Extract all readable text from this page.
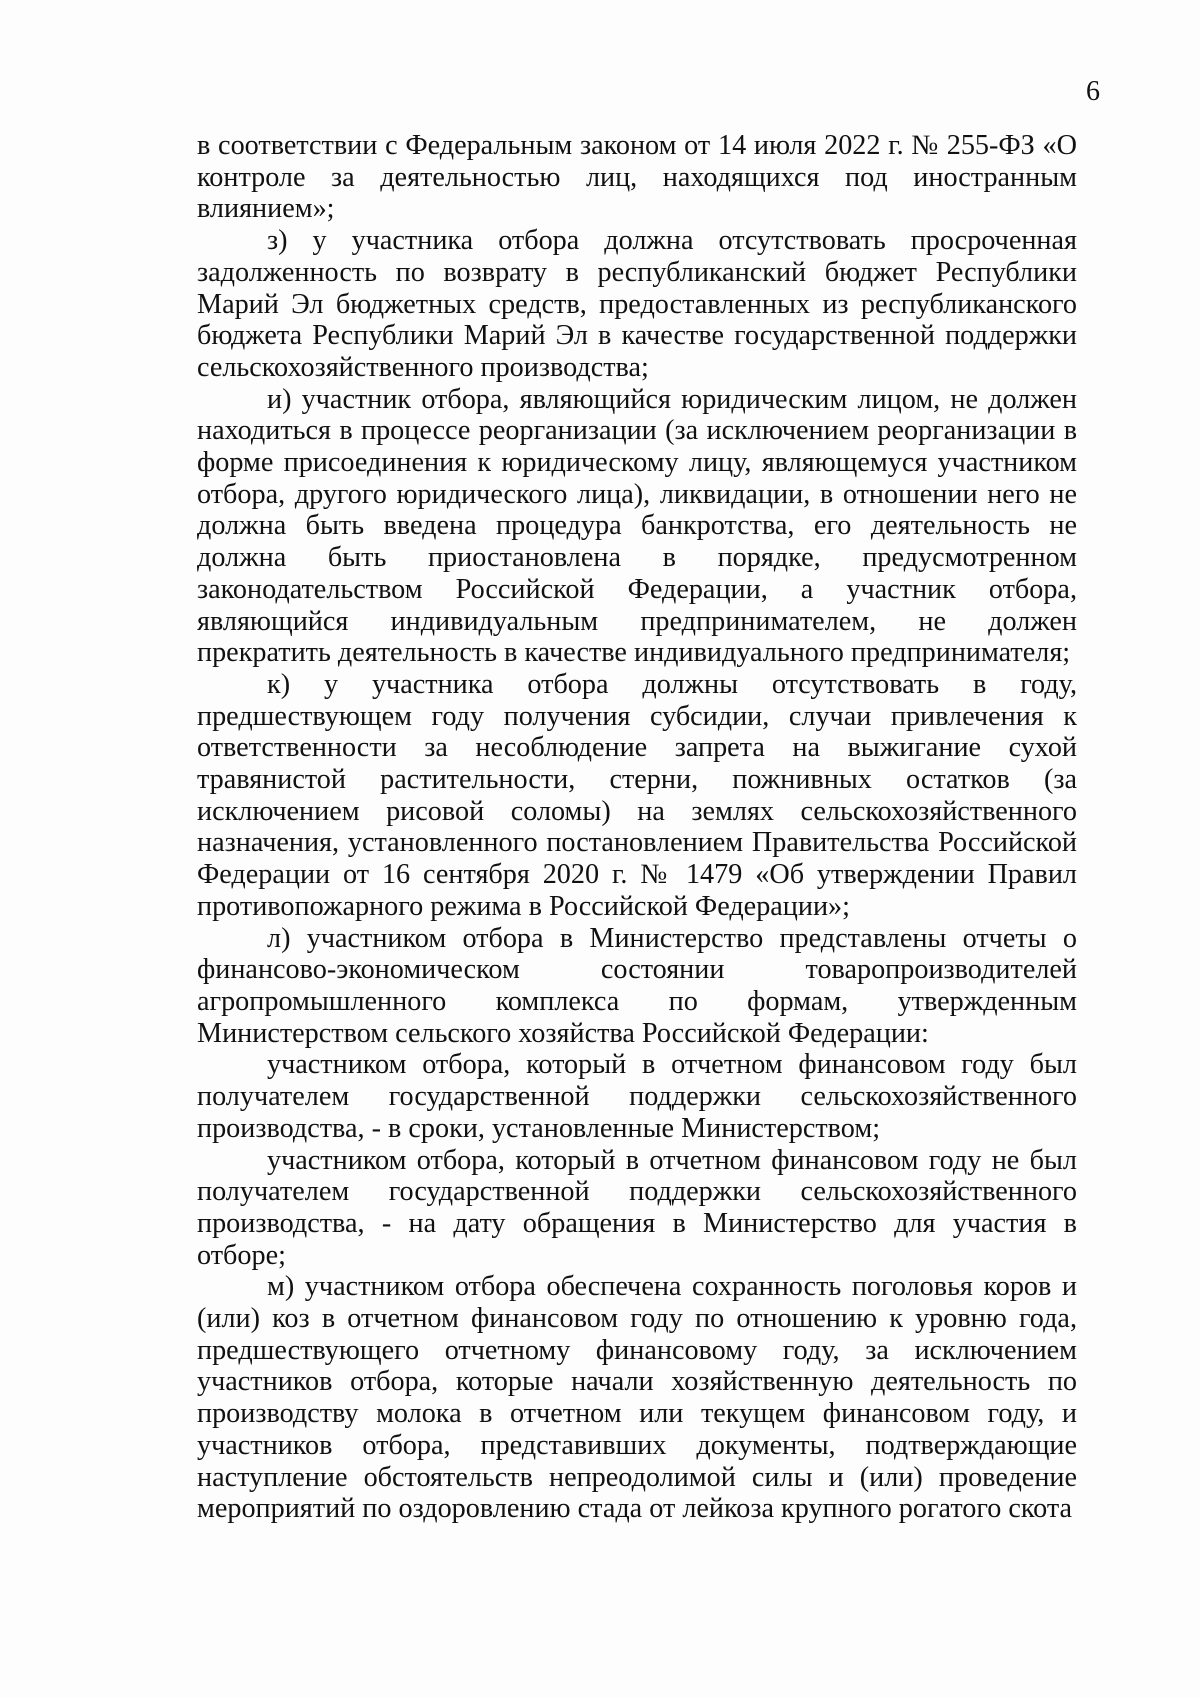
6

в соответствии с Федеральным законом от 14 июля 2022 г. № 255-ФЗ «О контроле за деятельностью лиц, находящихся под иностранным влиянием»;

з) у участника отбора должна отсутствовать просроченная задолженность по возврату в республиканский бюджет Республики Марий Эл бюджетных средств, предоставленных из республиканского бюджета Республики Марий Эл в качестве государственной поддержки сельскохозяйственного производства;

и) участник отбора, являющийся юридическим лицом, не должен находиться в процессе реорганизации (за исключением реорганизации в форме присоединения к юридическому лицу, являющемуся участником отбора, другого юридического лица), ликвидации, в отношении него не должна быть введена процедура банкротства, его деятельность не должна быть приостановлена в порядке, предусмотренном законодательством Российской Федерации, а участник отбора, являющийся индивидуальным предпринимателем, не должен прекратить деятельность в качестве индивидуального предпринимателя;

к) у участника отбора должны отсутствовать в году, предшествующем году получения субсидии, случаи привлечения к ответственности за несоблюдение запрета на выжигание сухой травянистой растительности, стерни, пожнивных остатков (за исключением рисовой соломы) на землях сельскохозяйственного назначения, установленного постановлением Правительства Российской Федерации от 16 сентября 2020 г. № 1479 «Об утверждении Правил противопожарного режима в Российской Федерации»;

л) участником отбора в Министерство представлены отчеты о финансово-экономическом состоянии товаропроизводителей агропромышленного комплекса по формам, утвержденным Министерством сельского хозяйства Российской Федерации:

участником отбора, который в отчетном финансовом году был получателем государственной поддержки сельскохозяйственного производства, - в сроки, установленные Министерством;

участником отбора, который в отчетном финансовом году не был получателем государственной поддержки сельскохозяйственного производства, - на дату обращения в Министерство для участия в отборе;

м) участником отбора обеспечена сохранность поголовья коров и (или) коз в отчетном финансовом году по отношению к уровню года, предшествующего отчетному финансовому году, за исключением участников отбора, которые начали хозяйственную деятельность по производству молока в отчетном или текущем финансовом году, и участников отбора, представивших документы, подтверждающие наступление обстоятельств непреодолимой силы и (или) проведение мероприятий по оздоровлению стада от лейкоза крупного рогатого скота
